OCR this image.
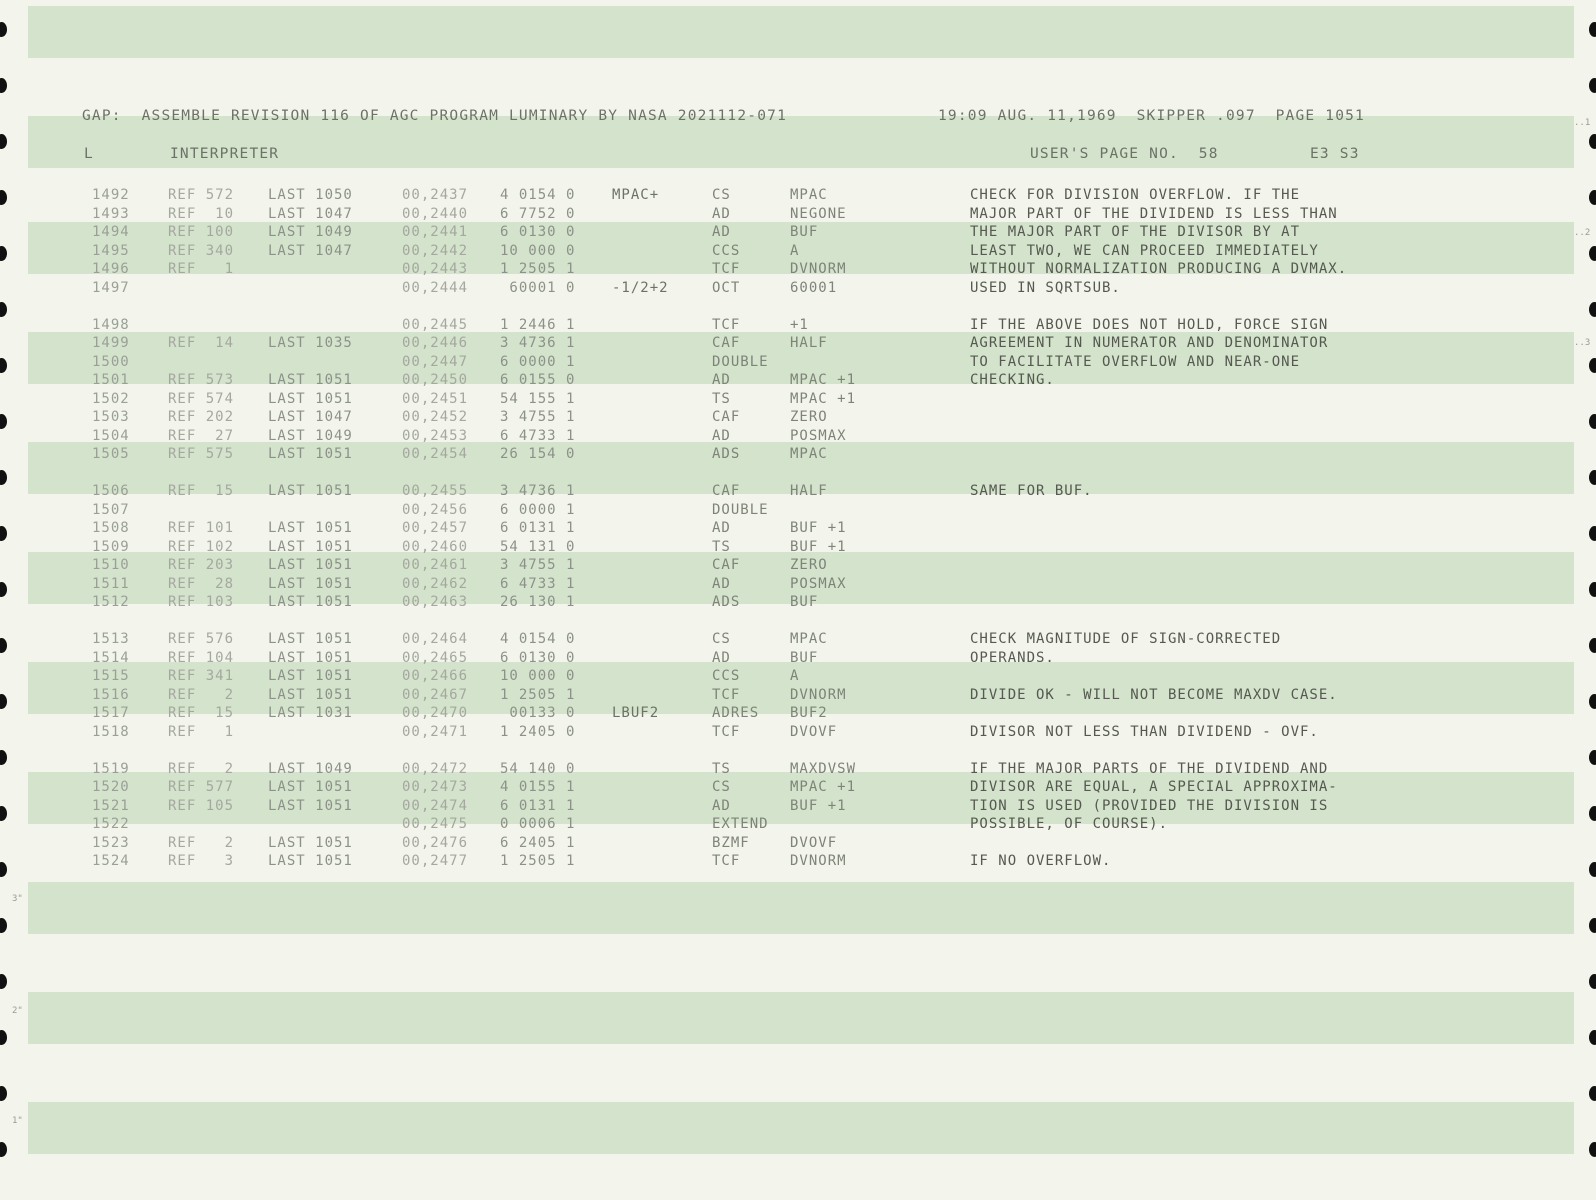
3"
2"
1"
..1
..2
..3
GAP:  ASSEMBLE REVISION 116 OF AGC PROGRAM LUMINARY BY NASA 2021112-071	19:09 AUG. 11,1969  SKIPPER .097  PAGE 1051
L	INTERPRETER	USER'S PAGE NO.  58	E3 S3
1492	REF 572 LAST 1050	00,2437 4 0154 0	MPAC+	CS	MPAC	CHECK FOR DIVISION OVERFLOW. IF THE
1493	REF  10 LAST 1047	00,2440 6 7752 0	AD	NEGONE	MAJOR PART OF THE DIVIDEND IS LESS THAN
1494	REF 100 LAST 1049	00,2441 6 0130 0	AD	BUF	THE MAJOR PART OF THE DIVISOR BY AT
1495	REF 340 LAST 1047	00,2442 10 000 0	CCS	A	LEAST TWO, WE CAN PROCEED IMMEDIATELY
1496	REF   1	00,2443 1 2505 1	TCF	DVNORM	WITHOUT NORMALIZATION PRODUCING A DVMAX.
1497	00,2444 60001 0	-1/2+2	OCT	60001	USED IN SQRTSUB.
1498	00,2445 1 2446 1	TCF	+1	IF THE ABOVE DOES NOT HOLD, FORCE SIGN
1499	REF  14 LAST 1035	00,2446 3 4736 1	CAF	HALF	AGREEMENT IN NUMERATOR AND DENOMINATOR
1500	00,2447 6 0000 1	DOUBLE	TO FACILITATE OVERFLOW AND NEAR-ONE
1501	REF 573 LAST 1051	00,2450 6 0155 0	AD	MPAC +1	CHECKING.
1502	REF 574 LAST 1051	00,2451 54 155 1	TS	MPAC +1
1503	REF 202 LAST 1047	00,2452 3 4755 1	CAF	ZERO
1504	REF  27 LAST 1049	00,2453 6 4733 1	AD	POSMAX
1505	REF 575 LAST 1051	00,2454 26 154 0	ADS	MPAC
1506	REF  15 LAST 1051	00,2455 3 4736 1	CAF	HALF	SAME FOR BUF.
1507	00,2456 6 0000 1	DOUBLE
1508	REF 101 LAST 1051	00,2457 6 0131 1	AD	BUF +1
1509	REF 102 LAST 1051	00,2460 54 131 0	TS	BUF +1
1510	REF 203 LAST 1051	00,2461 3 4755 1	CAF	ZERO
1511	REF  28 LAST 1051	00,2462 6 4733 1	AD	POSMAX
1512	REF 103 LAST 1051	00,2463 26 130 1	ADS	BUF
1513	REF 576 LAST 1051	00,2464 4 0154 0	CS	MPAC	CHECK MAGNITUDE OF SIGN-CORRECTED
1514	REF 104 LAST 1051	00,2465 6 0130 0	AD	BUF	OPERANDS.
1515	REF 341 LAST 1051	00,2466 10 000 0	CCS	A
1516	REF   2 LAST 1051	00,2467 1 2505 1	TCF	DVNORM	DIVIDE OK - WILL NOT BECOME MAXDV CASE.
1517	REF  15 LAST 1031	00,2470 00133 0	LBUF2	ADRES BUF2
1518	REF   1	00,2471 1 2405 0	TCF	DVOVF	DIVISOR NOT LESS THAN DIVIDEND - OVF.
1519	REF   2 LAST 1049	00,2472 54 140 0	TS	MAXDVSW	IF THE MAJOR PARTS OF THE DIVIDEND AND
1520	REF 577 LAST 1051	00,2473 4 0155 1	CS	MPAC +1	DIVISOR ARE EQUAL, A SPECIAL APPROXIMA-
1521	REF 105 LAST 1051	00,2474 6 0131 1	AD	BUF +1	TION IS USED (PROVIDED THE DIVISION IS
1522	00,2475 0 0006 1	EXTEND	POSSIBLE, OF COURSE).
1523	REF   2 LAST 1051	00,2476 6 2405 1	BZMF	DVOVF
1524	REF   3 LAST 1051	00,2477 1 2505 1	TCF	DVNORM	IF NO OVERFLOW.
